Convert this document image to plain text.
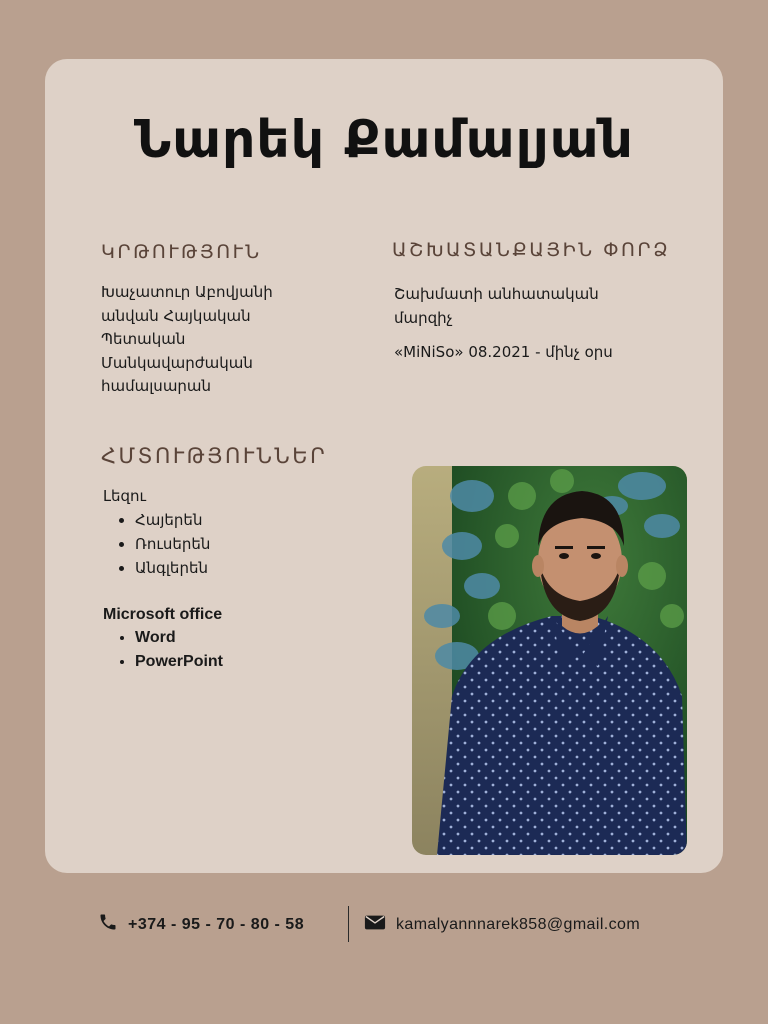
Նարեկ Քամալյան
ԿՐԹՈՒԹՅՈՒՆ
Խաչատուր Աբովյանի
անվան Հայկական
Պետական
Մանկավարժական
համալսարան
ԱՇԽԱՏԱՆՔԱՅԻՆ ՓՈՐՁ
Շախմատի անհատական
մարզիչ
«MiNiSo» 08.2021 - մինչ օրս
ՀՄՏՈՒԹՅՈՒՆՆԵՐ
Լեզու
• Հայերեն
• Ռուսերեն
• Անգլերեն
Microsoft office
• Word
• PowerPoint
+374 - 95 - 70 - 80 - 58	kamalyannnarek858@gmail.com
